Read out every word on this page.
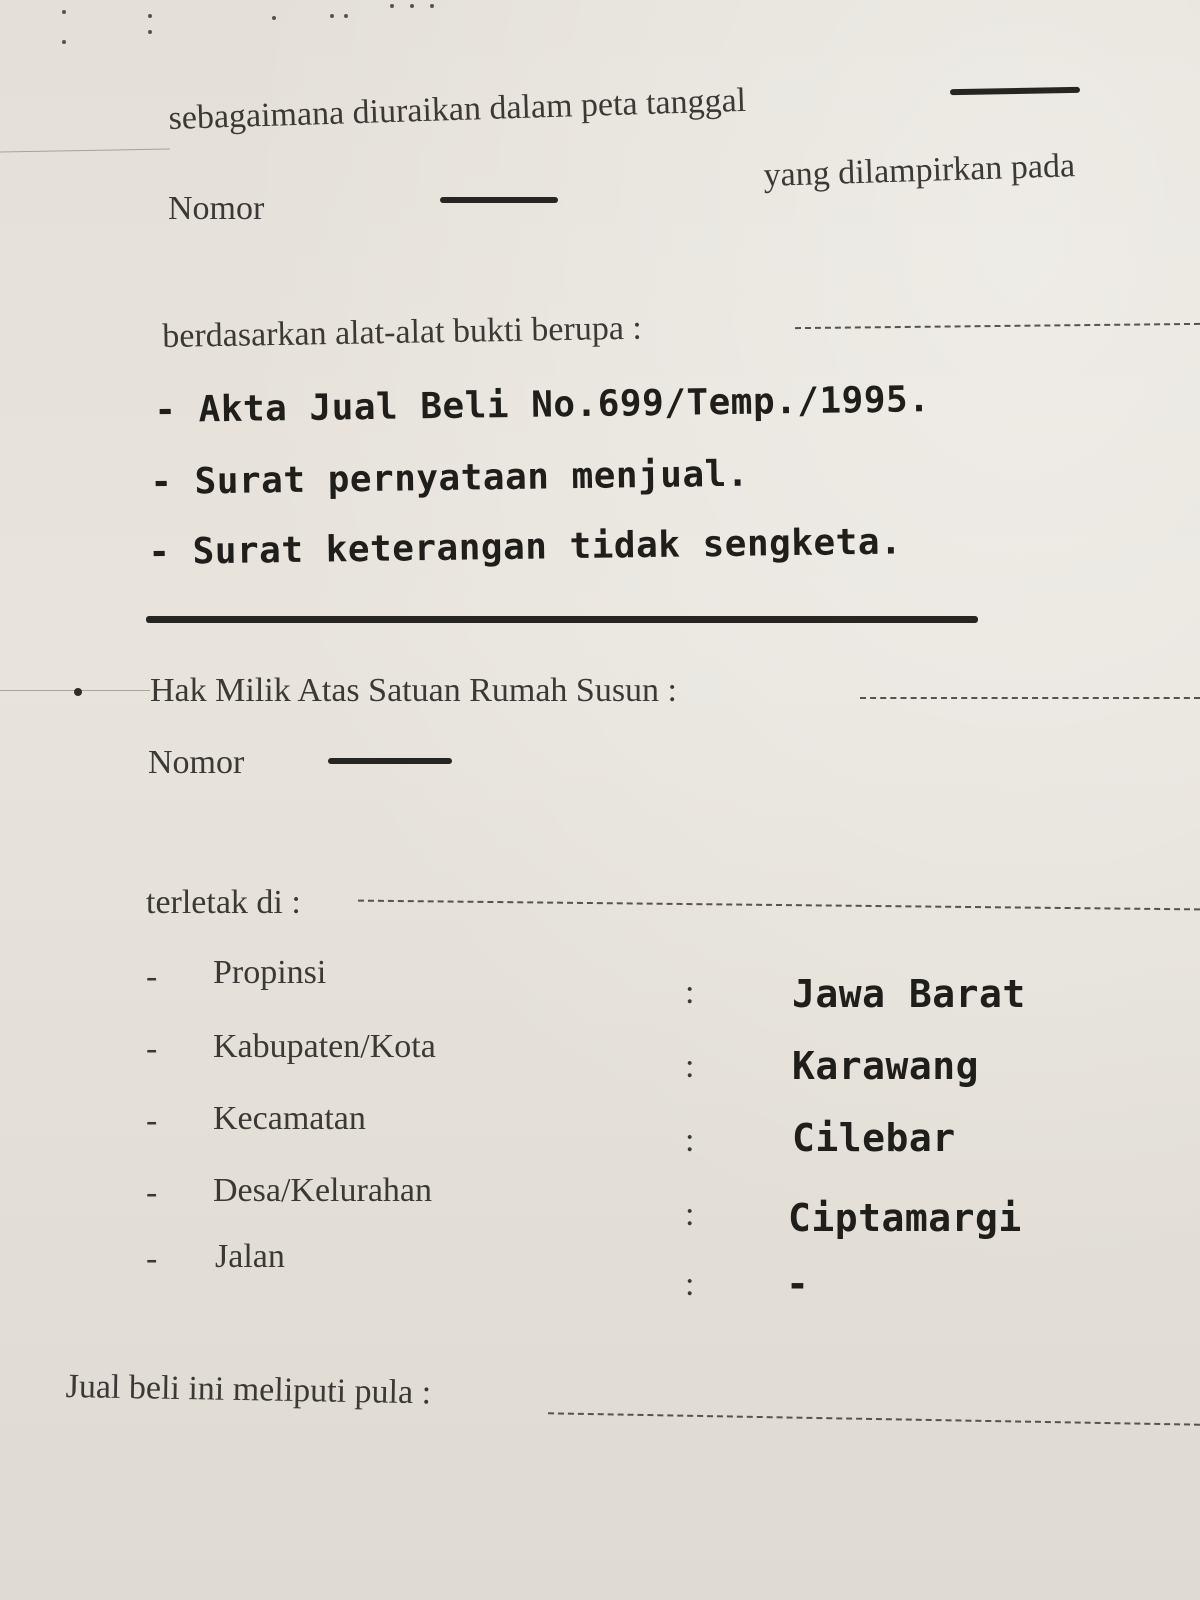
sebagaimana diuraikan dalam peta tanggal
Nomor
yang dilampirkan pada
berdasarkan alat-alat bukti berupa :
- Akta Jual Beli No.699/Temp./1995.
- Surat pernyataan menjual.
- Surat keterangan tidak sengketa.
Hak Milik Atas Satuan Rumah Susun :
Nomor
terletak di :
- Propinsi
:	Jawa Barat
- Kabupaten/Kota
:	Karawang
- Kecamatan
:	Cilebar
- Desa/Kelurahan
: Ciptamargi
- Jalan
: -
Jual beli ini meliputi pula :
